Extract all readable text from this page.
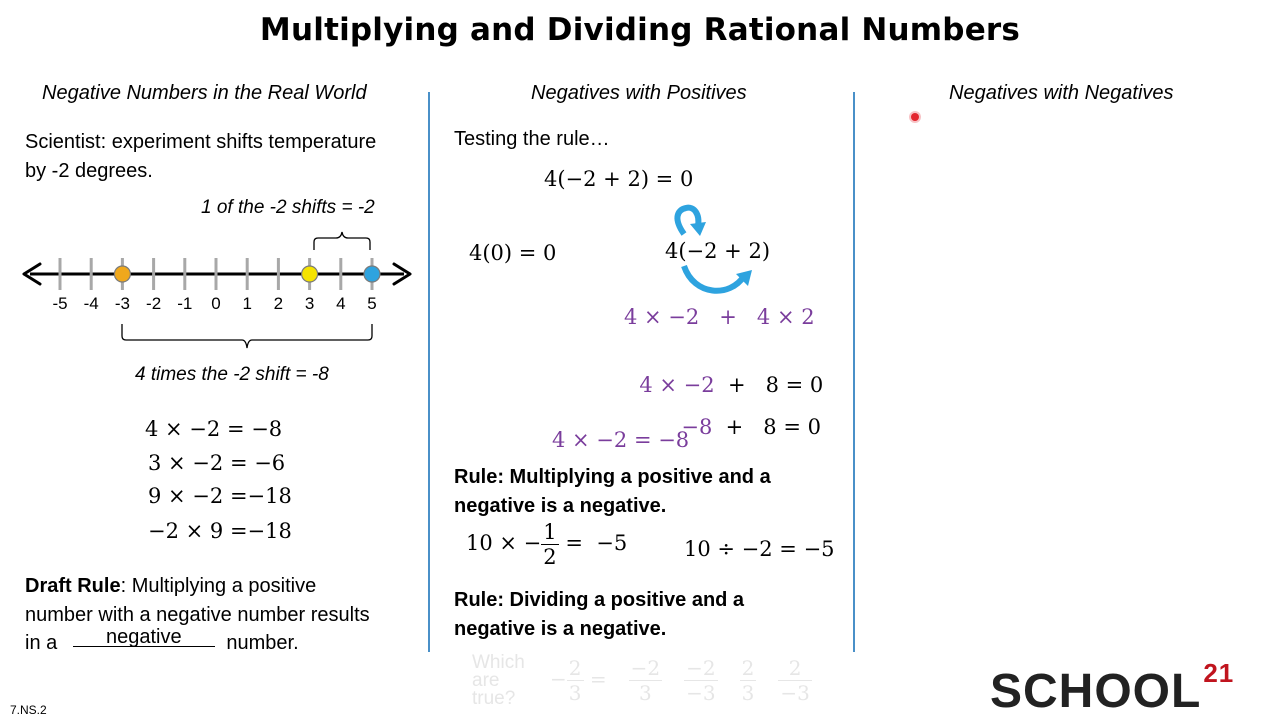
Multiplying and Dividing Rational Numbers
Negative Numbers in the Real World
Scientist: experiment shifts temperature
by -2 degrees.
1 of the -2 shifts = -2
-5 -4 -3 -2 -1	0	1	2	3	4	5
4 times the -2 shift = -8
4 × −2 = −8
3 × −2 = −6
9 × −2 =−18
−2 × 9 =−18
Draft Rule: Multiplying a positive
number with a negative number results
in a negative number.
Negatives with Positives
Testing the rule…
4(−2 + 2) = 0
4(0) = 0	4(−2 + 2)
4 × −2   +   4 × 2

4 × −2  +   8 = 0

−8  +   8 = 0

4 × −2 = −8
Rule: Multiplying a positive and a
negative is a negative.
10 × − $\frac{1}{2} = -5$	10 ÷ −2 = −5
Rule: Dividing a positive and a
negative is a negative.
Which are true?
− $\frac{2}{3} = \frac{-2}{3} \frac{-2}{-3} \frac{2}{3} \frac{2}{-3}$
Negatives with Negatives
7.NS.2	SCHOOL$^{21}$
